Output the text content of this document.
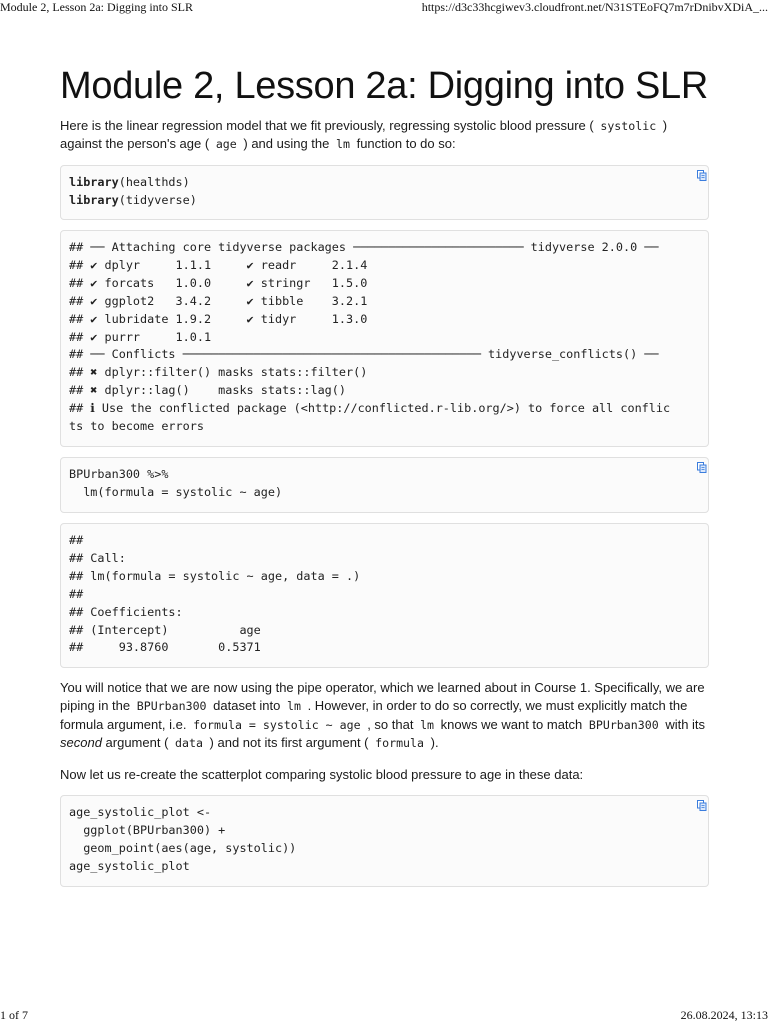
Module 2, Lesson 2a: Digging into SLR	https://d3c33hcgiwev3.cloudfront.net/N31STEoFQ7m7rDnibvXDiA_...
Module 2, Lesson 2a: Digging into SLR

Here is the linear regression model that we fit previously, regressing systolic blood pressure ( systolic ) against the person's age ( age ) and using the lm function to do so:

library(healthds)
library(tidyverse)
## ── Attaching core tidyverse packages ──────────────────────── tidyverse 2.0.0 ──
## ✔ dplyr     1.1.1     ✔ readr     2.1.4
## ✔ forcats   1.0.0     ✔ stringr   1.5.0
## ✔ ggplot2   3.4.2     ✔ tibble    3.2.1
## ✔ lubridate 1.9.2     ✔ tidyr     1.3.0
## ✔ purrr     1.0.1
## ── Conflicts ────────────────────────────────────────── tidyverse_conflicts() ──
## ✖ dplyr::filter() masks stats::filter()
## ✖ dplyr::lag()    masks stats::lag()
## ℹ Use the conflicted package (<http://conflicted.r-lib.org/>) to force all conflic
ts to become errors
BPUrban300 %>%
lm(formula = systolic ~ age)
##
## Call:
## lm(formula = systolic ~ age, data = .)
##
## Coefficients:
## (Intercept)          age
##     93.8760       0.5371

You will notice that we are now using the pipe operator, which we learned about in Course 1. Specifically, we are piping in the BPUrban300 dataset into lm . However, in order to do so correctly, we must explicitly match the formula argument, i.e. formula = systolic ~ age , so that lm knows we want to match BPUrban300 with its second argument ( data ) and not its first argument ( formula ).

Now let us re-create the scatterplot comparing systolic blood pressure to age in these data:

age_systolic_plot <-
ggplot(BPUrban300) +
geom_point(aes(age, systolic))
age_systolic_plot
1 of 7	26.08.2024, 13:13
